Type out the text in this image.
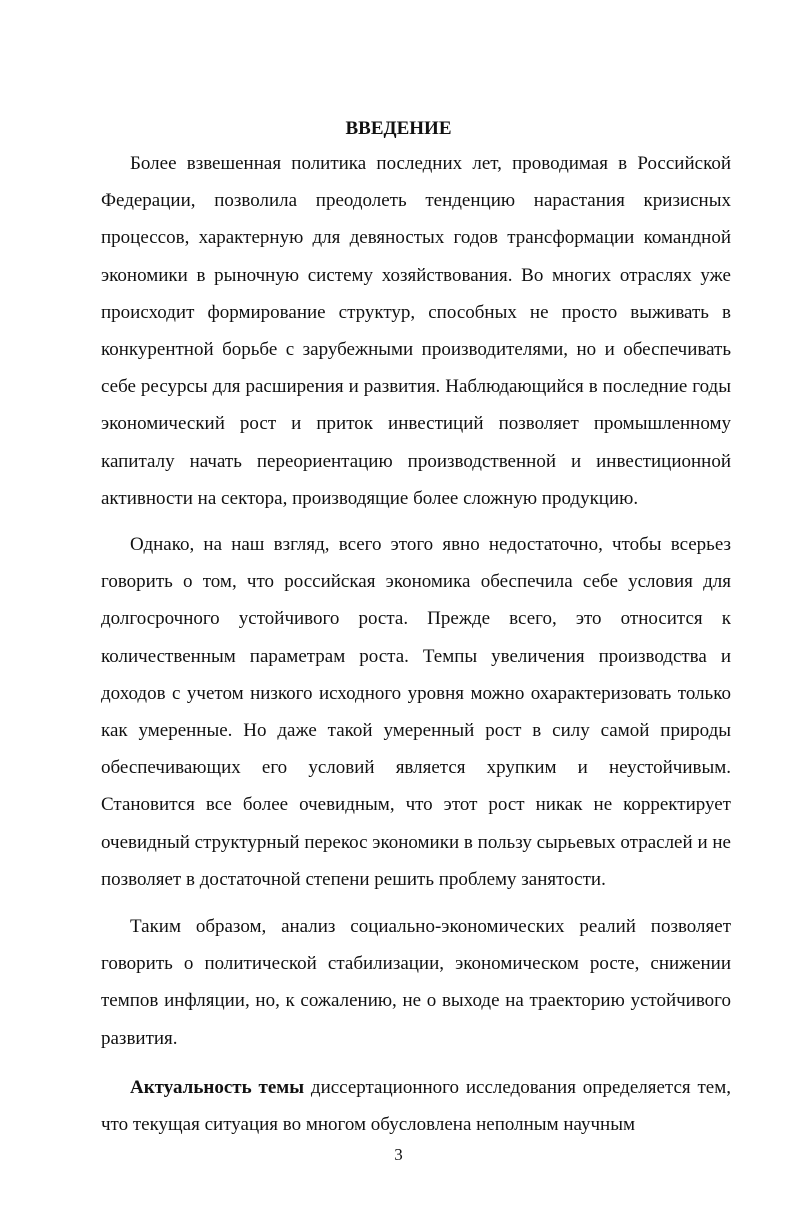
ВВЕДЕНИЕ

Более взвешенная политика последних лет, проводимая в Российской Федерации, позволила преодолеть тенденцию нарастания кризисных процессов, характерную для девяностых годов трансформации командной экономики в рыночную систему хозяйствования. Во многих отраслях уже происходит формирование структур, способных не просто выживать в конкурентной борьбе с зарубежными производителями, но и обеспечивать себе ресурсы для расширения и развития. Наблюдающийся в последние годы экономический рост и приток инвестиций позволяет промышленному капиталу начать переориентацию производственной и инвестиционной активности на сектора, производящие более сложную продукцию.

Однако, на наш взгляд, всего этого явно недостаточно, чтобы всерьез говорить о том, что российская экономика обеспечила себе условия для долгосрочного устойчивого роста. Прежде всего, это относится к количественным параметрам роста. Темпы увеличения производства и доходов с учетом низкого исходного уровня можно охарактеризовать только как умеренные. Но даже такой умеренный рост в силу самой природы обеспечивающих его условий является хрупким и неустойчивым. Становится все более очевидным, что этот рост никак не корректирует очевидный структурный перекос экономики в пользу сырьевых отраслей и не позволяет в достаточной степени решить проблему занятости.

Таким образом, анализ социально-экономических реалий позволяет говорить о политической стабилизации, экономическом росте, снижении темпов инфляции, но, к сожалению, не о выходе на траекторию устойчивого развития.

Актуальность темы диссертационного исследования определяется тем, что текущая ситуация во многом обусловлена неполным научным

3
